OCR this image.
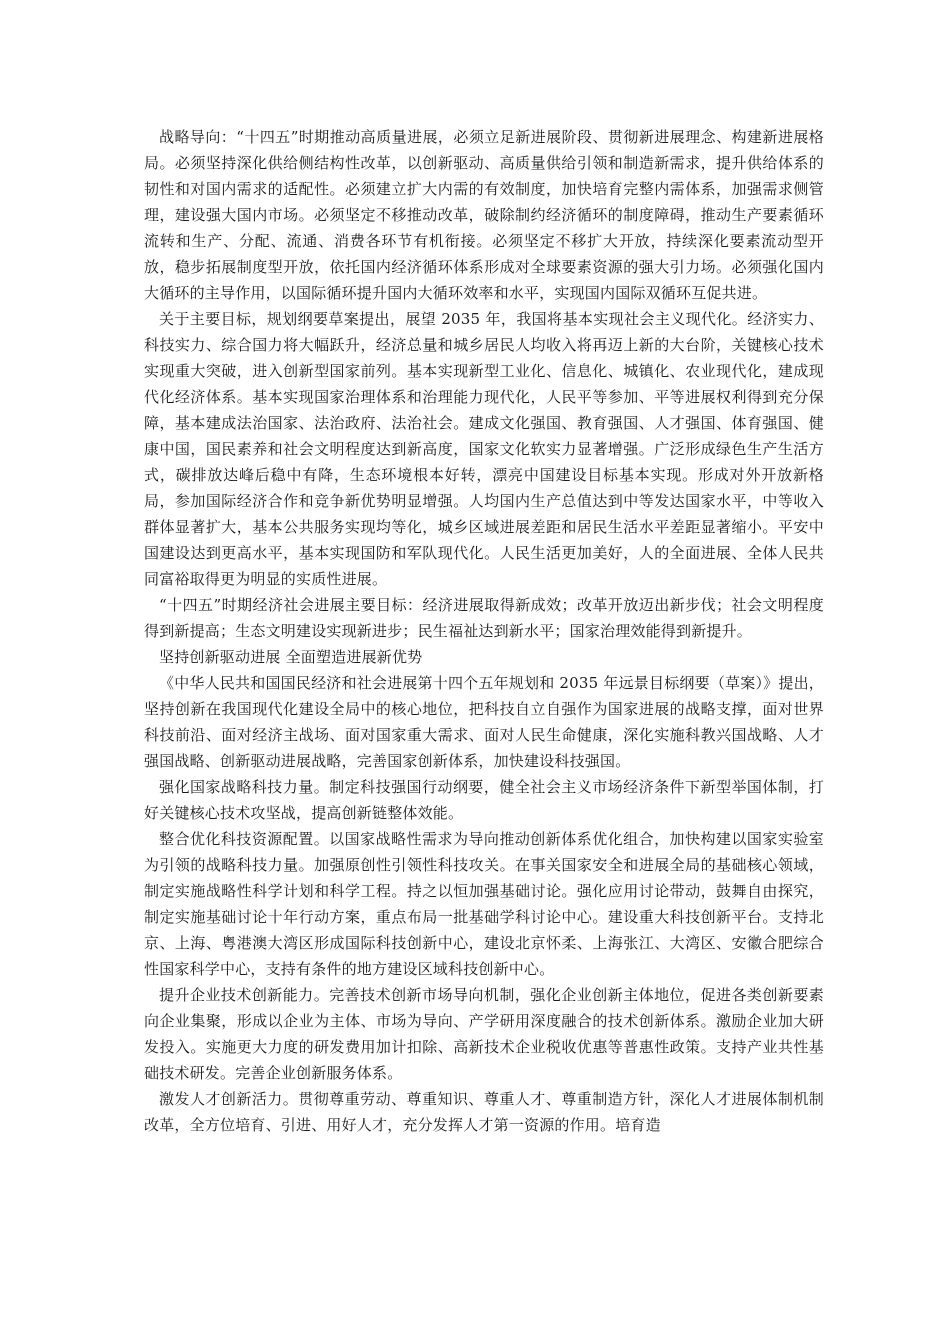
战略导向：“十四五”时期推动高质量进展，必须立足新进展阶段、贯彻新进展理念、构建新进展格局。必须坚持深化供给侧结构性改革，以创新驱动、高质量供给引领和制造新需求，提升供给体系的韧性和对国内需求的适配性。必须建立扩大内需的有效制度，加快培育完整内需体系，加强需求侧管理，建设强大国内市场。必须坚定不移推动改革，破除制约经济循环的制度障碍，推动生产要素循环流转和生产、分配、流通、消费各环节有机衔接。必须坚定不移扩大开放，持续深化要素流动型开放，稳步拓展制度型开放，依托国内经济循环体系形成对全球要素资源的强大引力场。必须强化国内大循环的主导作用，以国际循环提升国内大循环效率和水平，实现国内国际双循环互促共进。

关于主要目标，规划纲要草案提出，展望 2035 年，我国将基本实现社会主义现代化。经济实力、科技实力、综合国力将大幅跃升，经济总量和城乡居民人均收入将再迈上新的大台阶，关键核心技术实现重大突破，进入创新型国家前列。基本实现新型工业化、信息化、城镇化、农业现代化，建成现代化经济体系。基本实现国家治理体系和治理能力现代化，人民平等参加、平等进展权利得到充分保障，基本建成法治国家、法治政府、法治社会。建成文化强国、教育强国、人才强国、体育强国、健康中国，国民素养和社会文明程度达到新高度，国家文化软实力显著增强。广泛形成绿色生产生活方式，碳排放达峰后稳中有降，生态环境根本好转，漂亮中国建设目标基本实现。形成对外开放新格局，参加国际经济合作和竞争新优势明显增强。人均国内生产总值达到中等发达国家水平，中等收入群体显著扩大，基本公共服务实现均等化，城乡区域进展差距和居民生活水平差距显著缩小。平安中国建设达到更高水平，基本实现国防和军队现代化。人民生活更加美好，人的全面进展、全体人民共同富裕取得更为明显的实质性进展。

“十四五”时期经济社会进展主要目标：经济进展取得新成效；改革开放迈出新步伐；社会文明程度得到新提高；生态文明建设实现新进步；民生福祉达到新水平；国家治理效能得到新提升。

坚持创新驱动进展 全面塑造进展新优势

《中华人民共和国国民经济和社会进展第十四个五年规划和 2035 年远景目标纲要（草案）》提出，坚持创新在我国现代化建设全局中的核心地位，把科技自立自强作为国家进展的战略支撑，面对世界科技前沿、面对经济主战场、面对国家重大需求、面对人民生命健康，深化实施科教兴国战略、人才强国战略、创新驱动进展战略，完善国家创新体系，加快建设科技强国。

强化国家战略科技力量。制定科技强国行动纲要，健全社会主义市场经济条件下新型举国体制，打好关键核心技术攻坚战，提高创新链整体效能。

整合优化科技资源配置。以国家战略性需求为导向推动创新体系优化组合，加快构建以国家实验室为引领的战略科技力量。加强原创性引领性科技攻关。在事关国家安全和进展全局的基础核心领域，制定实施战略性科学计划和科学工程。持之以恒加强基础讨论。强化应用讨论带动，鼓舞自由探究，制定实施基础讨论十年行动方案，重点布局一批基础学科讨论中心。建设重大科技创新平台。支持北京、上海、粤港澳大湾区形成国际科技创新中心，建设北京怀柔、上海张江、大湾区、安徽合肥综合性国家科学中心，支持有条件的地方建设区域科技创新中心。

提升企业技术创新能力。完善技术创新市场导向机制，强化企业创新主体地位，促进各类创新要素向企业集聚，形成以企业为主体、市场为导向、产学研用深度融合的技术创新体系。激励企业加大研发投入。实施更大力度的研发费用加计扣除、高新技术企业税收优惠等普惠性政策。支持产业共性基础技术研发。完善企业创新服务体系。

激发人才创新活力。贯彻尊重劳动、尊重知识、尊重人才、尊重制造方针，深化人才进展体制机制改革，全方位培育、引进、用好人才，充分发挥人才第一资源的作用。培育造
